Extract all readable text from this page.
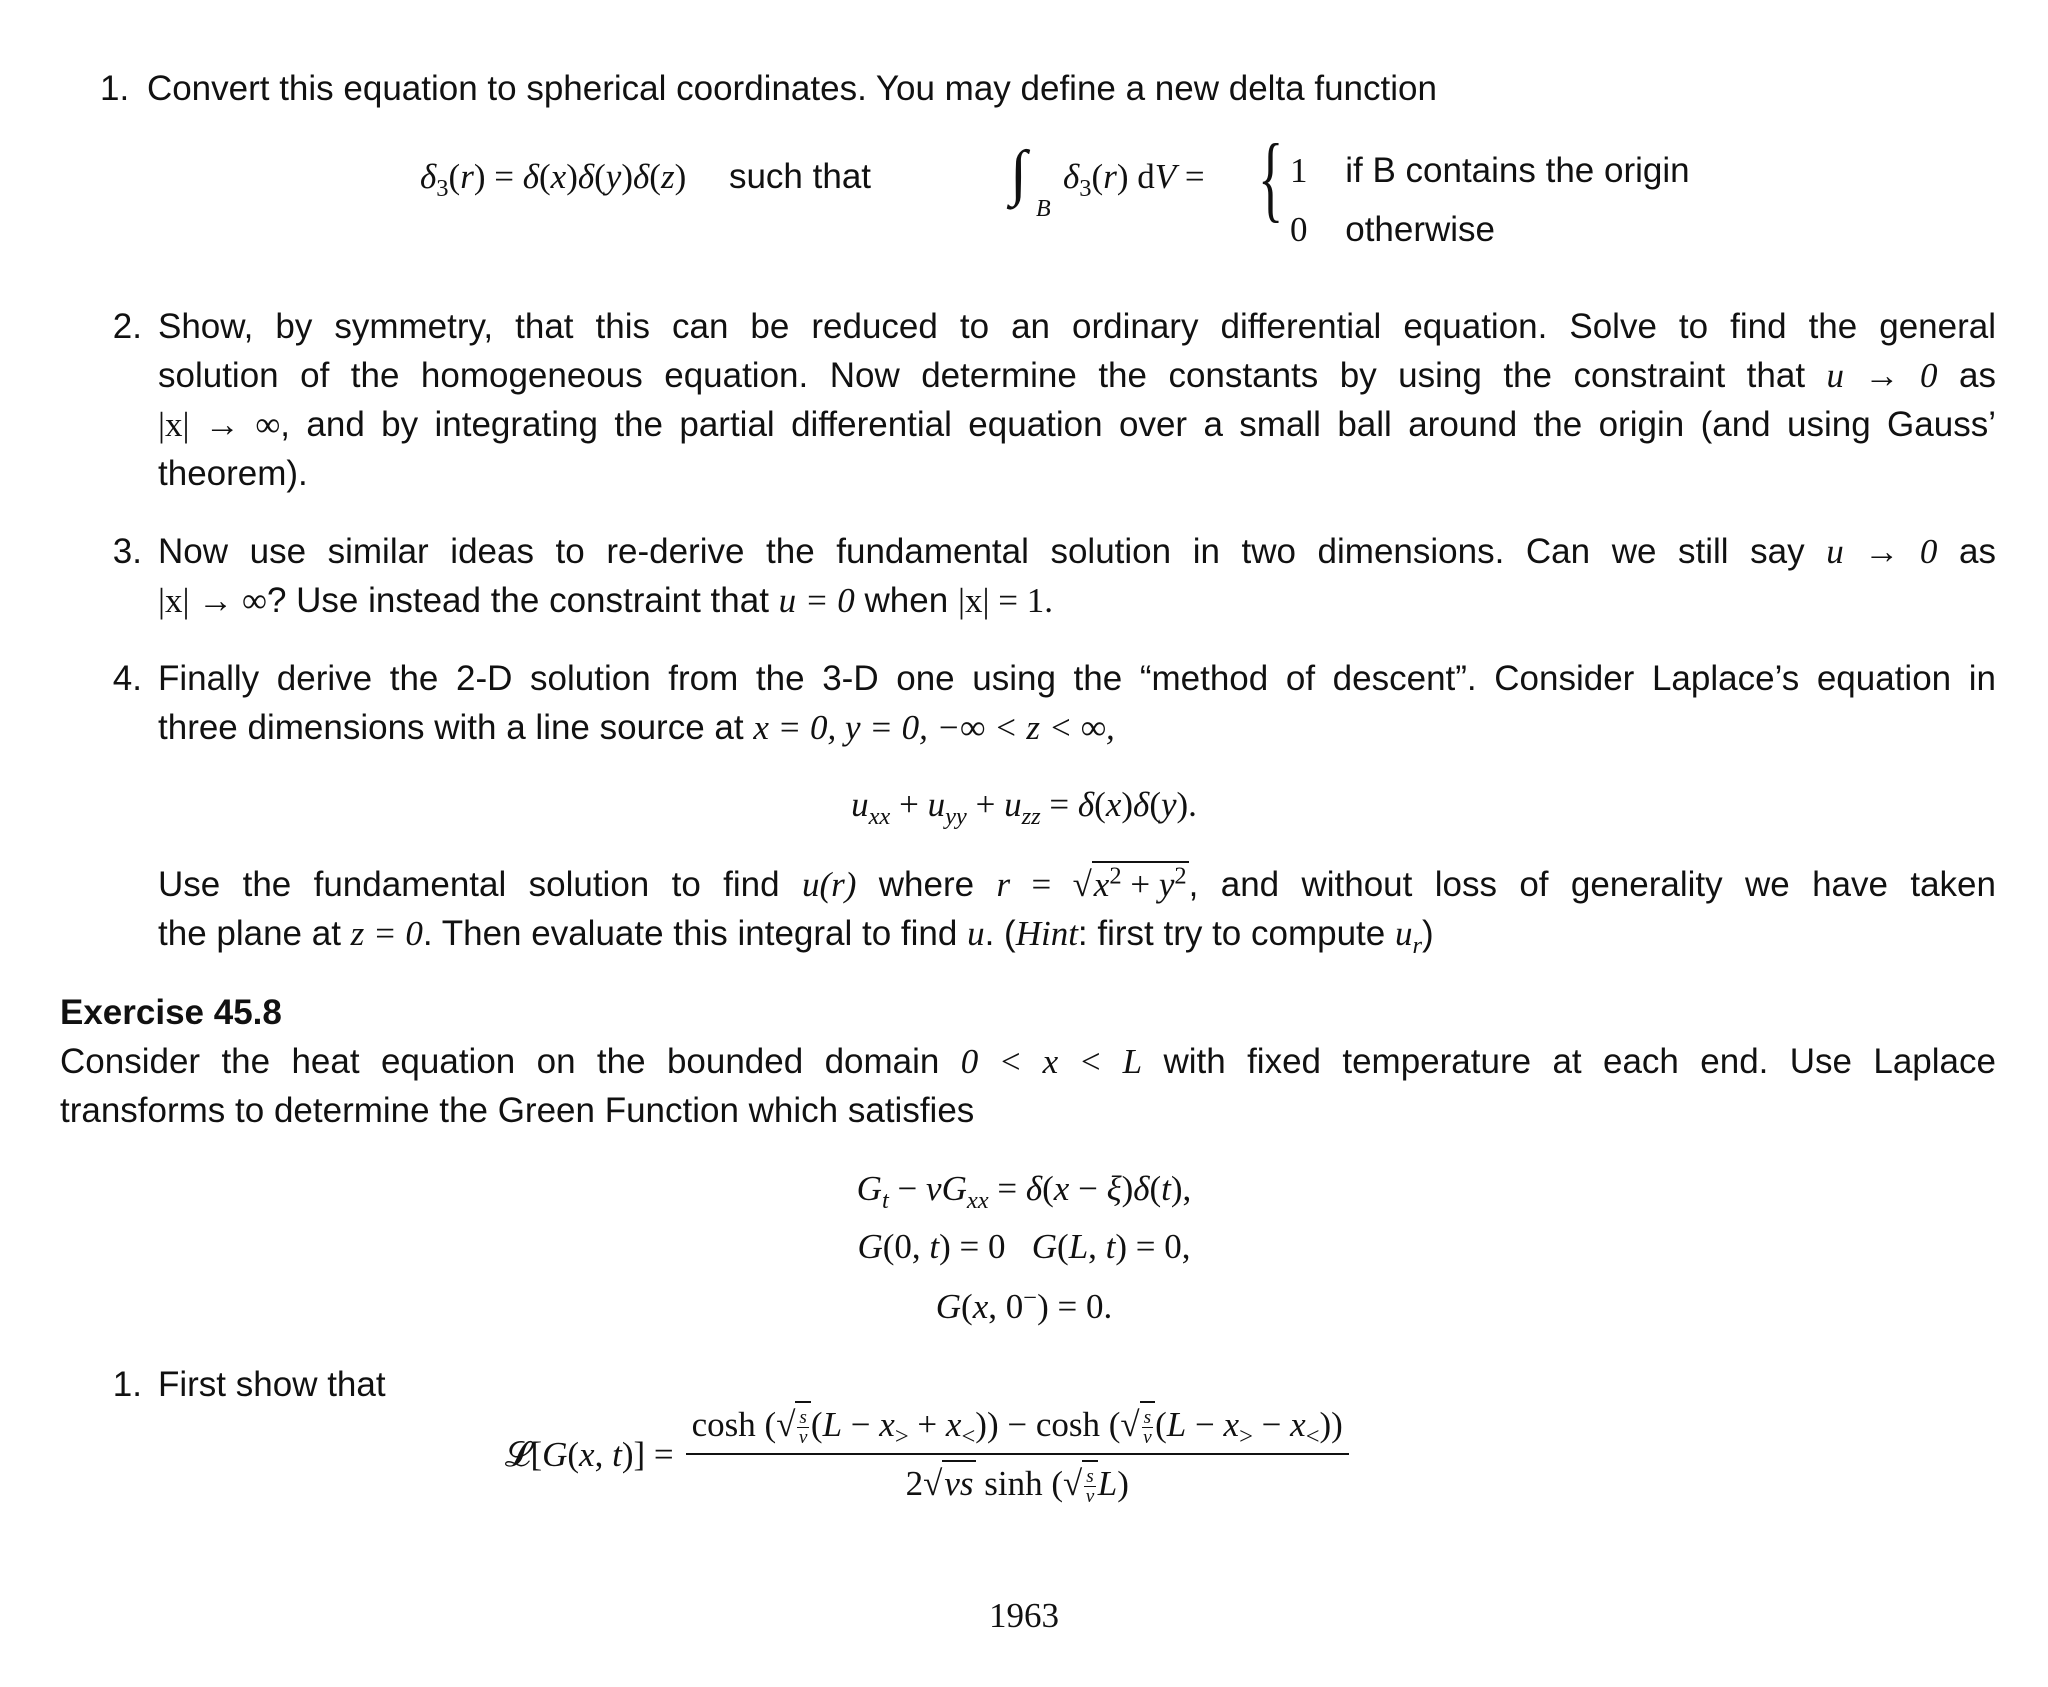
1. Convert this equation to spherical coordinates. You may define a new delta function
$\delta_3(r) = \delta(x)\delta(y)\delta(z)$ such that ∫
B
$\delta_3(r)$ dV = { 1 if B contains the origin
0 otherwise
2. Show, by symmetry, that this can be reduced to an ordinary differential equation. Solve to find the general
solution of the homogeneous equation. Now determine the constants by using the constraint that u → 0 as
|x| → ∞, and by integrating the partial differential equation over a small ball around the origin (and using Gauss’
theorem).
3. Now use similar ideas to re-derive the fundamental solution in two dimensions. Can we still say u → 0 as
|x| → ∞? Use instead the constraint that u = 0 when |x| = 1.
4. Finally derive the 2-D solution from the 3-D one using the “method of descent”. Consider Laplace’s equation in
three dimensions with a line source at x = 0, y = 0, −∞ < z < ∞,
$u_{xx} + u_{yy} + u_{zz} = \delta(x)\delta(y)$.
Use the fundamental solution to find u(r) where $r = √x^2 + y^2$, and without loss of generality we have taken
the plane at z = 0. Then evaluate this integral to find u. (Hint: first try to compute $u_r$)
Exercise 45.8
Consider the heat equation on the bounded domain 0 < x < L with fixed temperature at each end. Use Laplace
transforms to determine the Green Function which satisfies
$G_t - \nu G_{xx} = \delta(x - \xi)\delta(t)$,
G(0, t) = 0   G(L, t) = 0,
G(x, 0−) = 0.
1. First show that
𝓛[G(x, $t)] = \frac{\cosh (√ \frac{s}{\nu} (L - x_> + x_<)) - \cosh (√ \frac{s}{\nu} (L - x_> - x_<))}{2√\nu s \sinh (√ \frac{s}{\nu} L)}$
1963
